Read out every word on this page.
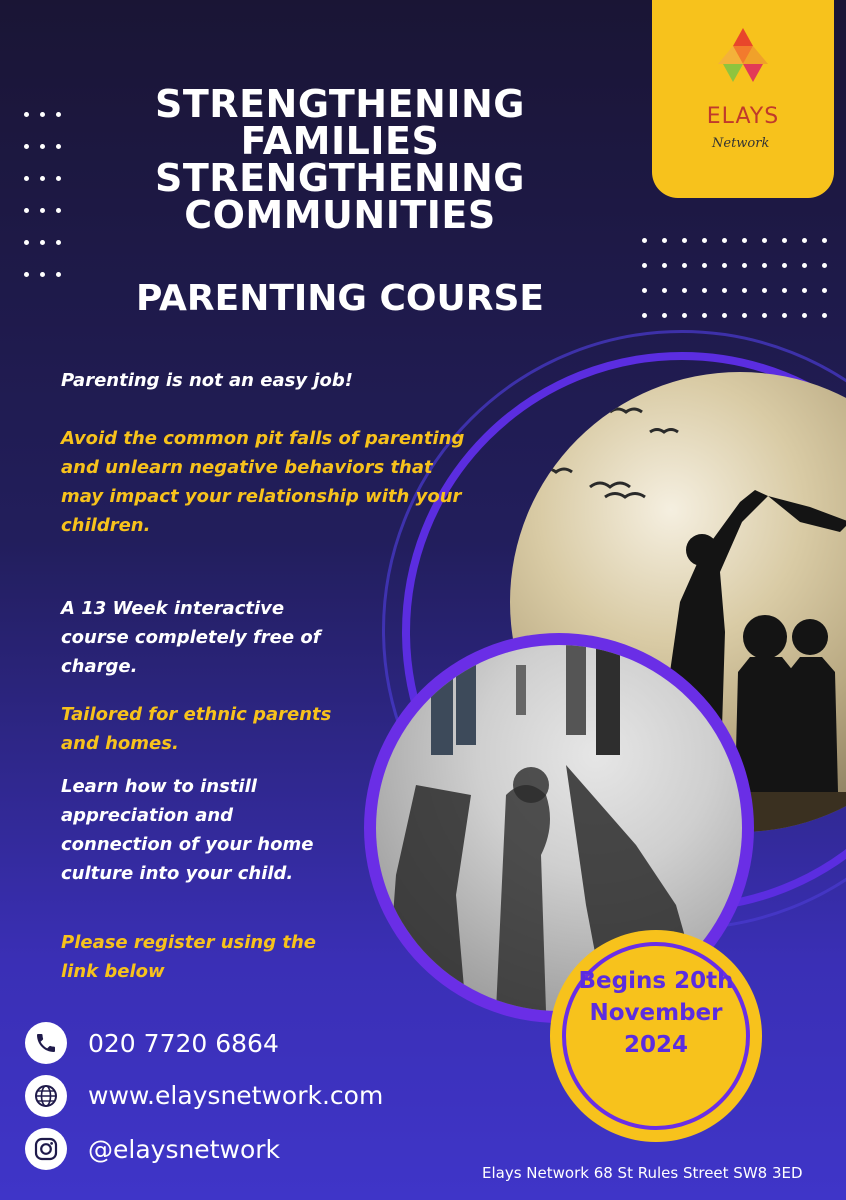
ELAYS
Network
STRENGTHENING
FAMILIES
STRENGTHENING
COMMUNITIES
PARENTING COURSE
Begins 20th
November
2024
Parenting is not an easy job!
Avoid the common pit falls of parenting
and unlearn negative behaviors that
may impact your relationship with your
children.
A 13 Week interactive
course completely free of
charge.
Tailored for ethnic parents
and homes.
Learn how to instill
appreciation and
connection of your home
culture into your child.
Please register using the
link below
020 7720 6864
www.elaysnetwork.com
@elaysnetwork
Elays Network 68 St Rules Street SW8 3ED
